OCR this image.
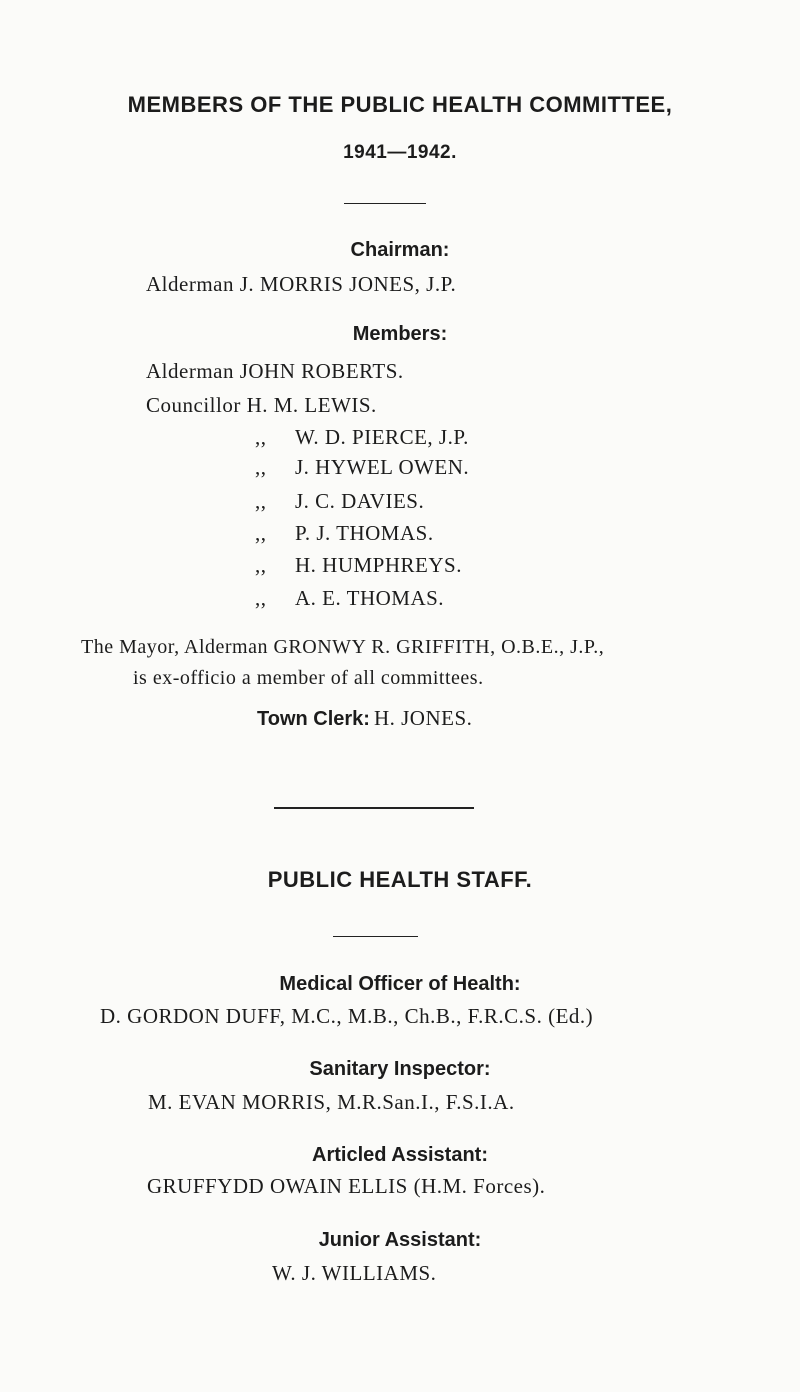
MEMBERS OF THE PUBLIC HEALTH COMMITTEE,
1941—1942.
Chairman:
Alderman J. MORRIS JONES, J.P.
Members:
Alderman JOHN ROBERTS.
Councillor H. M. LEWIS.
,, W. D. PIERCE, J.P.
,, J. HYWEL OWEN.
,, J. C. DAVIES.
,, P. J. THOMAS.
,, H. HUMPHREYS.
,, A. E. THOMAS.
The Mayor, Alderman GRONWY R. GRIFFITH, O.B.E., J.P.,
is ex-officio a member of all committees.
Town Clerk: H. JONES.
PUBLIC HEALTH STAFF.
Medical Officer of Health:
D. GORDON DUFF, M.C., M.B., Ch.B., F.R.C.S. (Ed.)
Sanitary Inspector:
M. EVAN MORRIS, M.R.San.I., F.S.I.A.
Articled Assistant:
GRUFFYDD OWAIN ELLIS (H.M. Forces).
Junior Assistant:
W. J. WILLIAMS.
